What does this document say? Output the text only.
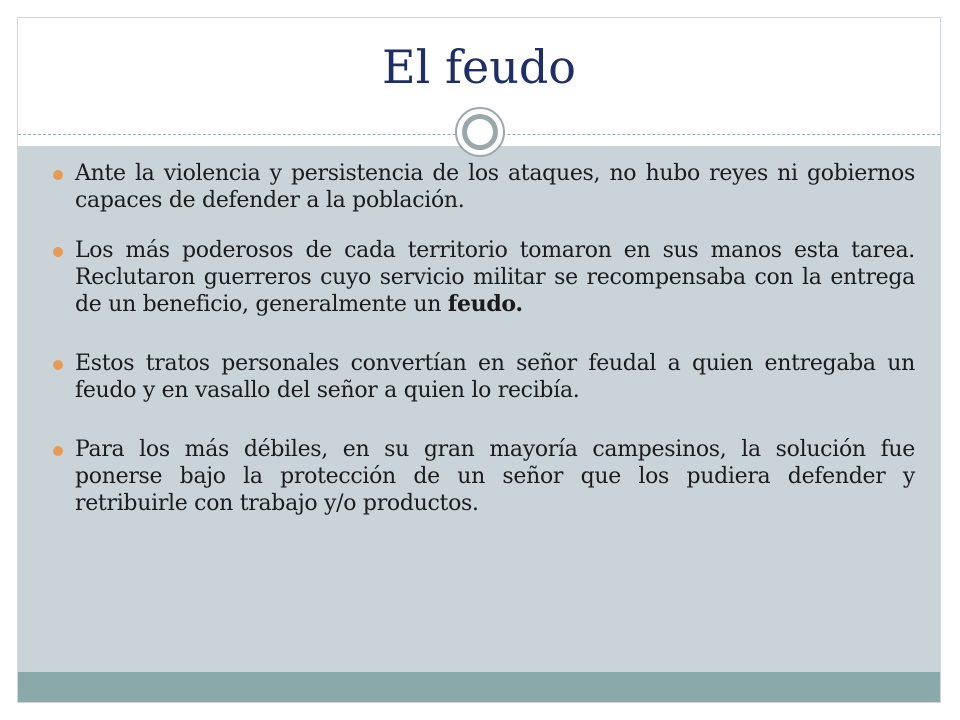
El feudo
Ante la violencia y persistencia de los ataques, no hubo reyes ni gobiernos capaces de defender a la población.
Los más poderosos de cada territorio tomaron en sus manos esta tarea. Reclutaron guerreros cuyo servicio militar se recompensaba con la entrega de un beneficio, generalmente un feudo.
Estos tratos personales convertían en señor feudal a quien entregaba un feudo y en vasallo del señor a quien lo recibía.
Para los más débiles, en su gran mayoría campesinos, la solución fue ponerse bajo la protección de un señor que los pudiera defender y retribuirle con trabajo y/o productos.
